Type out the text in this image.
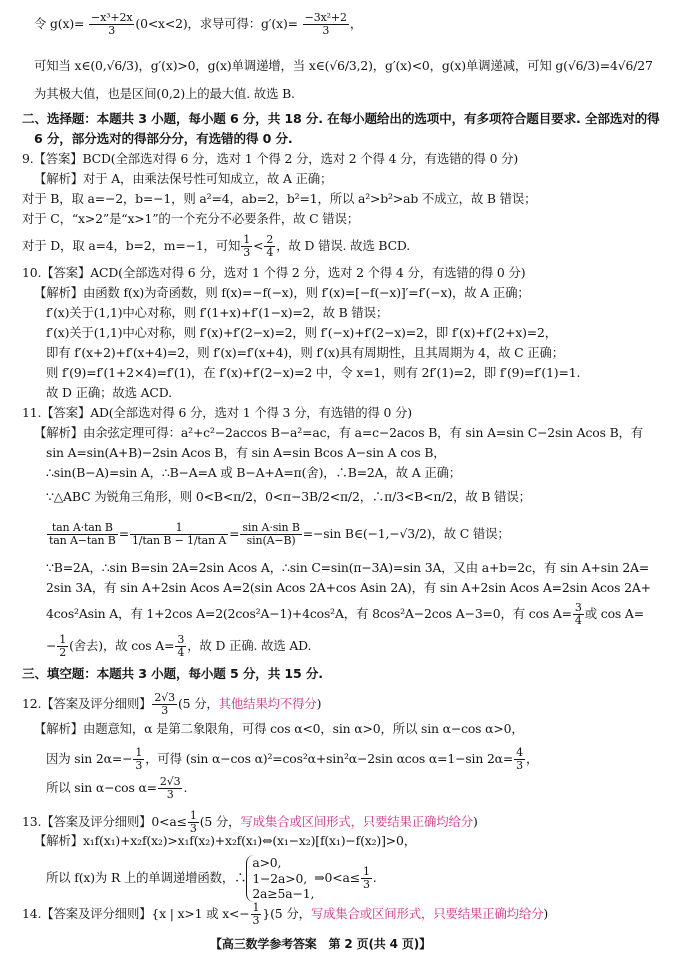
令 $g(x)= \frac{\text{−x³+2x}}{3} (0<x<2)$，求导可得：$g'(x)= \frac{\text{−3x²+2}}{3}$ ，
可知当 x∈(0,√6/3)，g′(x)>0，g(x)单调递增，当 x∈(√6/3,2)，g′(x)<0，g(x)单调递减，可知 g(√6/3)=4√6/27
为其极大值，也是区间(0,2)上的最大值. 故选 B.
二、选择题：本题共 3 小题，每小题 6 分，共 18 分. 在每小题给出的选项中，有多项符合题目要求. 全部选对的得
6 分，部分选对的得部分分，有选错的得 0 分.
9.【答案】BCD(全部选对得 6 分，选对 1 个得 2 分，选对 2 个得 4 分，有选错的得 0 分)
【解析】对于 A，由乘法保号性可知成立，故 A 正确；
对于 B，取 a=−2，b=−1，则 a²=4，ab=2，b²=1，所以 a²>b²>ab 不成立，故 B 错误；
对于 C，“x>2”是“x>1”的一个充分不必要条件，故 C 错误；
对于 D，取 a=4，b=2，m=−1，可知 $\frac{1}{3} < \frac{2}{4}$ ，故 D 错误. 故选 BCD.
10.【答案】ACD(全部选对得 6 分，选对 1 个得 2 分，选对 2 个得 4 分，有选错的得 0 分)
【解析】由函数 f(x)为奇函数，则 f(x)=−f(−x)，则 f′(x)=[−f(−x)]′=f′(−x)，故 A 正确；
f′(x)关于(1,1)中心对称，则 f′(1+x)+f′(1−x)=2，故 B 错误；
f′(x)关于(1,1)中心对称，则 f′(x)+f′(2−x)=2，则 f′(−x)+f′(2−x)=2，即 f′(x)+f′(2+x)=2，
即有 f′(x+2)+f′(x+4)=2，则 f′(x)=f′(x+4)，则 f′(x)具有周期性，且其周期为 4，故 C 正确；
则 f′(9)=f′(1+2×4)=f′(1)，在 f′(x)+f′(2−x)=2 中，令 x=1，则有 2f′(1)=2，即 f′(9)=f′(1)=1.
故 D 正确；故选 ACD.
11.【答案】AD(全部选对得 6 分，选对 1 个得 3 分，有选错的得 0 分)
【解析】由余弦定理可得：a²+c²−2accos B−a²=ac，有 a=c−2acos B，有 sin A=sin C−2sin Acos B，有
sin A=sin(A+B)−2sin Acos B，有 sin A=sin Bcos A−sin A cos B，
∴sin(B−A)=sin A，∴B−A=A 或 B−A+A=π(舍)，∴B=2A，故 A 正确；
∵△ABC 为锐角三角形，则 0<B<π/2，0<π−3B/2<π/2，∴π/3<B<π/2，故 B 错误；
$\frac{\text{tan A·tan B}}{\text{tan A−tan B}} = \frac{1}{\text{1/tan B − 1/tan A}} = \frac{\text{sin A·sin B}}{\sin(A-B)} =-\sin$ B∈(−1,−√3/2)，故 C 错误；
∵B=2A，∴sin B=sin 2A=2sin Acos A，∴sin C=sin(π−3A)=sin 3A，又由 a+b=2c，有 sin A+sin 2A=
2sin 3A，有 sin A+2sin Acos A=2(sin Acos 2A+cos Asin 2A)，有 sin A+2sin Acos A=2sin Acos 2A+
4cos²Asin A，有 1+2cos A=2(2cos²A−1)+4cos²A，有 8cos²A−2cos A−3=0，有 $\cos A= \frac{3}{4}$ 或 cos A=
− $\frac{1}{2}$ (舍去)，故 $\cos A= \frac{3}{4}$ ，故 D 正确. 故选 AD.
三、填空题：本题共 3 小题，每小题 5 分，共 15 分.
12.【答案及评分细则】 $\frac{2√3}{3} (5$ 分，其他结果均不得分)
【解析】由题意知，α 是第二象限角，可得 cos α<0，sin α>0，所以 sin α−cos α>0，
因为 $\sin 2\alpha=- \frac{1}{3}$ ，可得 (sin α−cos α)²=cos²α+sin²α−2sin αcos α=1−sin $2\alpha= \frac{4}{3}$ ，
所以 sin α−cos $\alpha= \frac{2√3}{3}$ .
13.【答案及评分细则】$0<a\le \frac{1}{3} (5$ 分，写成集合或区间形式，只要结果正确均给分)
【解析】x₁f(x₁)+x₂f(x₂)>x₁f(x₂)+x₂f(x₁)⇔(x₁−x₂)[f(x₁)−f(x₂)]>0，
所以 f(x)为 R 上的单调递增函数，∴
a>0,
1−2a>0,
2a≥5a−1,
⇒0<a≤ $\frac{1}{3}$ .
14.【答案及评分细则】{x | x>1 或 $x<- \frac{1}{3} \}(5$ 分，写成集合或区间形式，只要结果正确均给分)
【高三数学参考答案　第 2 页(共 4 页)】
